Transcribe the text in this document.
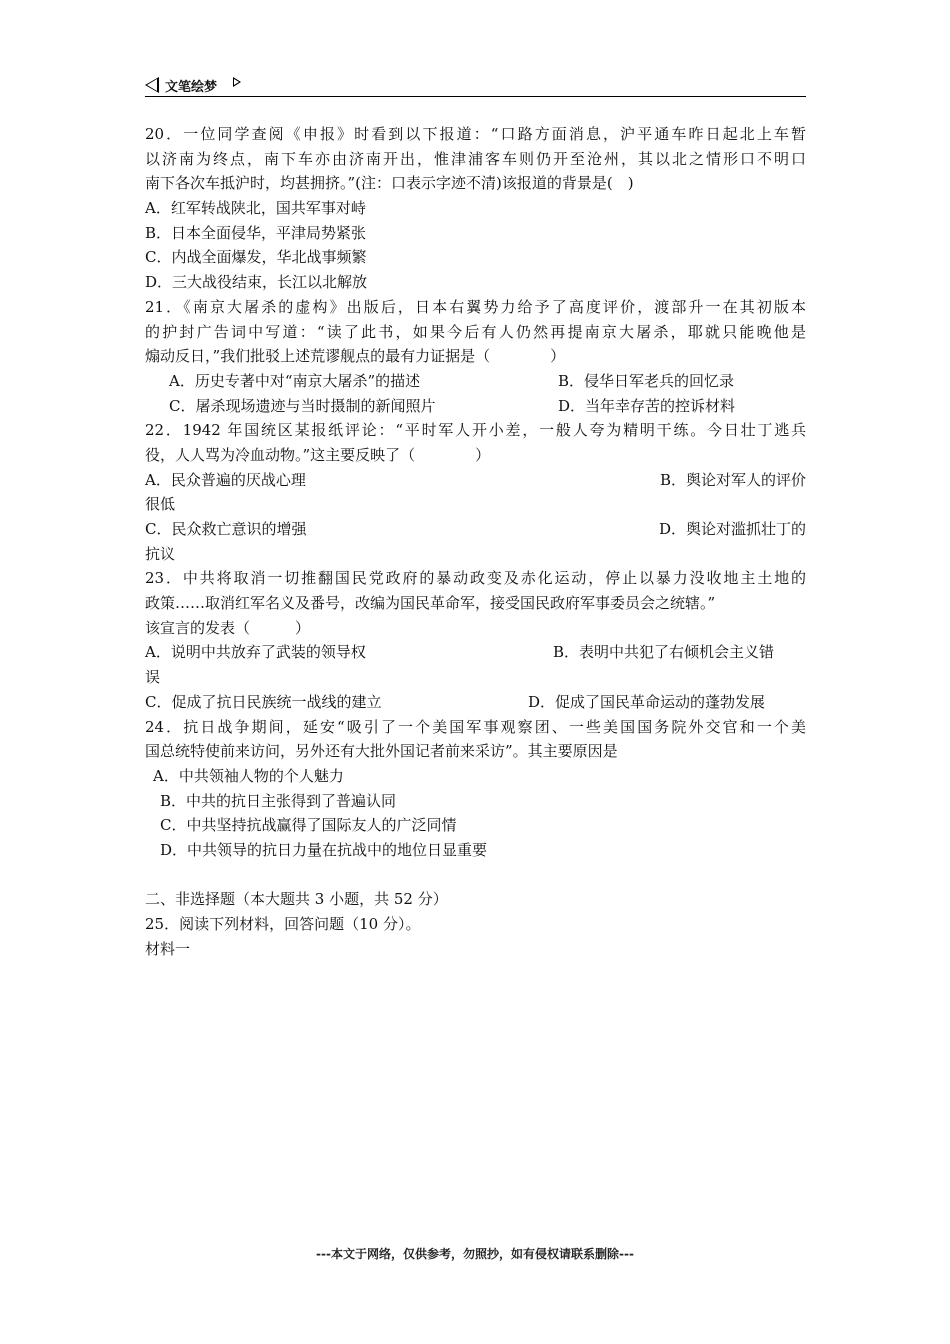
文笔绘梦
20．一位同学查阅《申报》时看到以下报道：“口路方面消息，沪平通车昨日起北上车暂
以济南为终点，南下车亦由济南开出，惟津浦客车则仍开至沧州，其以北之情形口不明口
南下各次车抵沪时，均甚拥挤。”(注：口表示字迹不清)该报道的背景是(　)
A．红军转战陕北，国共军事对峙
B．日本全面侵华，平津局势紧张
C．内战全面爆发，华北战事频繁
D．三大战役结束，长江以北解放
21．《南京大屠杀的虚构》出版后，日本右翼势力给予了高度评价，渡部升一在其初版本
的护封广告词中写道：“读了此书，如果今后有人仍然再提南京大屠杀，耶就只能晚他是
煽动反日，”我们批驳上述荒谬舰点的最有力证据是（　　　　）
A．历史专著中对“南京大屠杀”的描述	B．侵华日军老兵的回忆录
C．屠杀现场遗迹与当时摄制的新闻照片	D．当年幸存苦的控诉材料
22．1942 年国统区某报纸评论：“平时军人开小差，一般人夸为精明干练。今日壮丁逃兵
役，人人骂为冷血动物。”这主要反映了（　　　　）
A．民众普遍的厌战心理	B．舆论对军人的评价
很低
C．民众救亡意识的增强	D．舆论对滥抓壮丁的
抗议
23．中共将取消一切推翻国民党政府的暴动政变及赤化运动，停止以暴力没收地主土地的
政策……取消红军名义及番号，改编为国民革命军，接受国民政府军事委员会之统辖。”
该宣言的发表（　　　）
A．说明中共放弃了武装的领导权	B．表明中共犯了右倾机会主义错
误
C．促成了抗日民族统一战线的建立	D．促成了国民革命运动的蓬勃发展
24．抗日战争期间，延安“吸引了一个美国军事观察团、一些美国国务院外交官和一个美
国总统特使前来访问，另外还有大批外国记者前来采访”。其主要原因是
A．中共领袖人物的个人魅力
B．中共的抗日主张得到了普遍认同
C．中共坚持抗战赢得了国际友人的广泛同情
D．中共领导的抗日力量在抗战中的地位日显重要
二、非选择题（本大题共 3 小题，共 52 分）
25．阅读下列材料，回答问题（10 分）。
材料一
---本文于网络，仅供参考，勿照抄，如有侵权请联系删除---
